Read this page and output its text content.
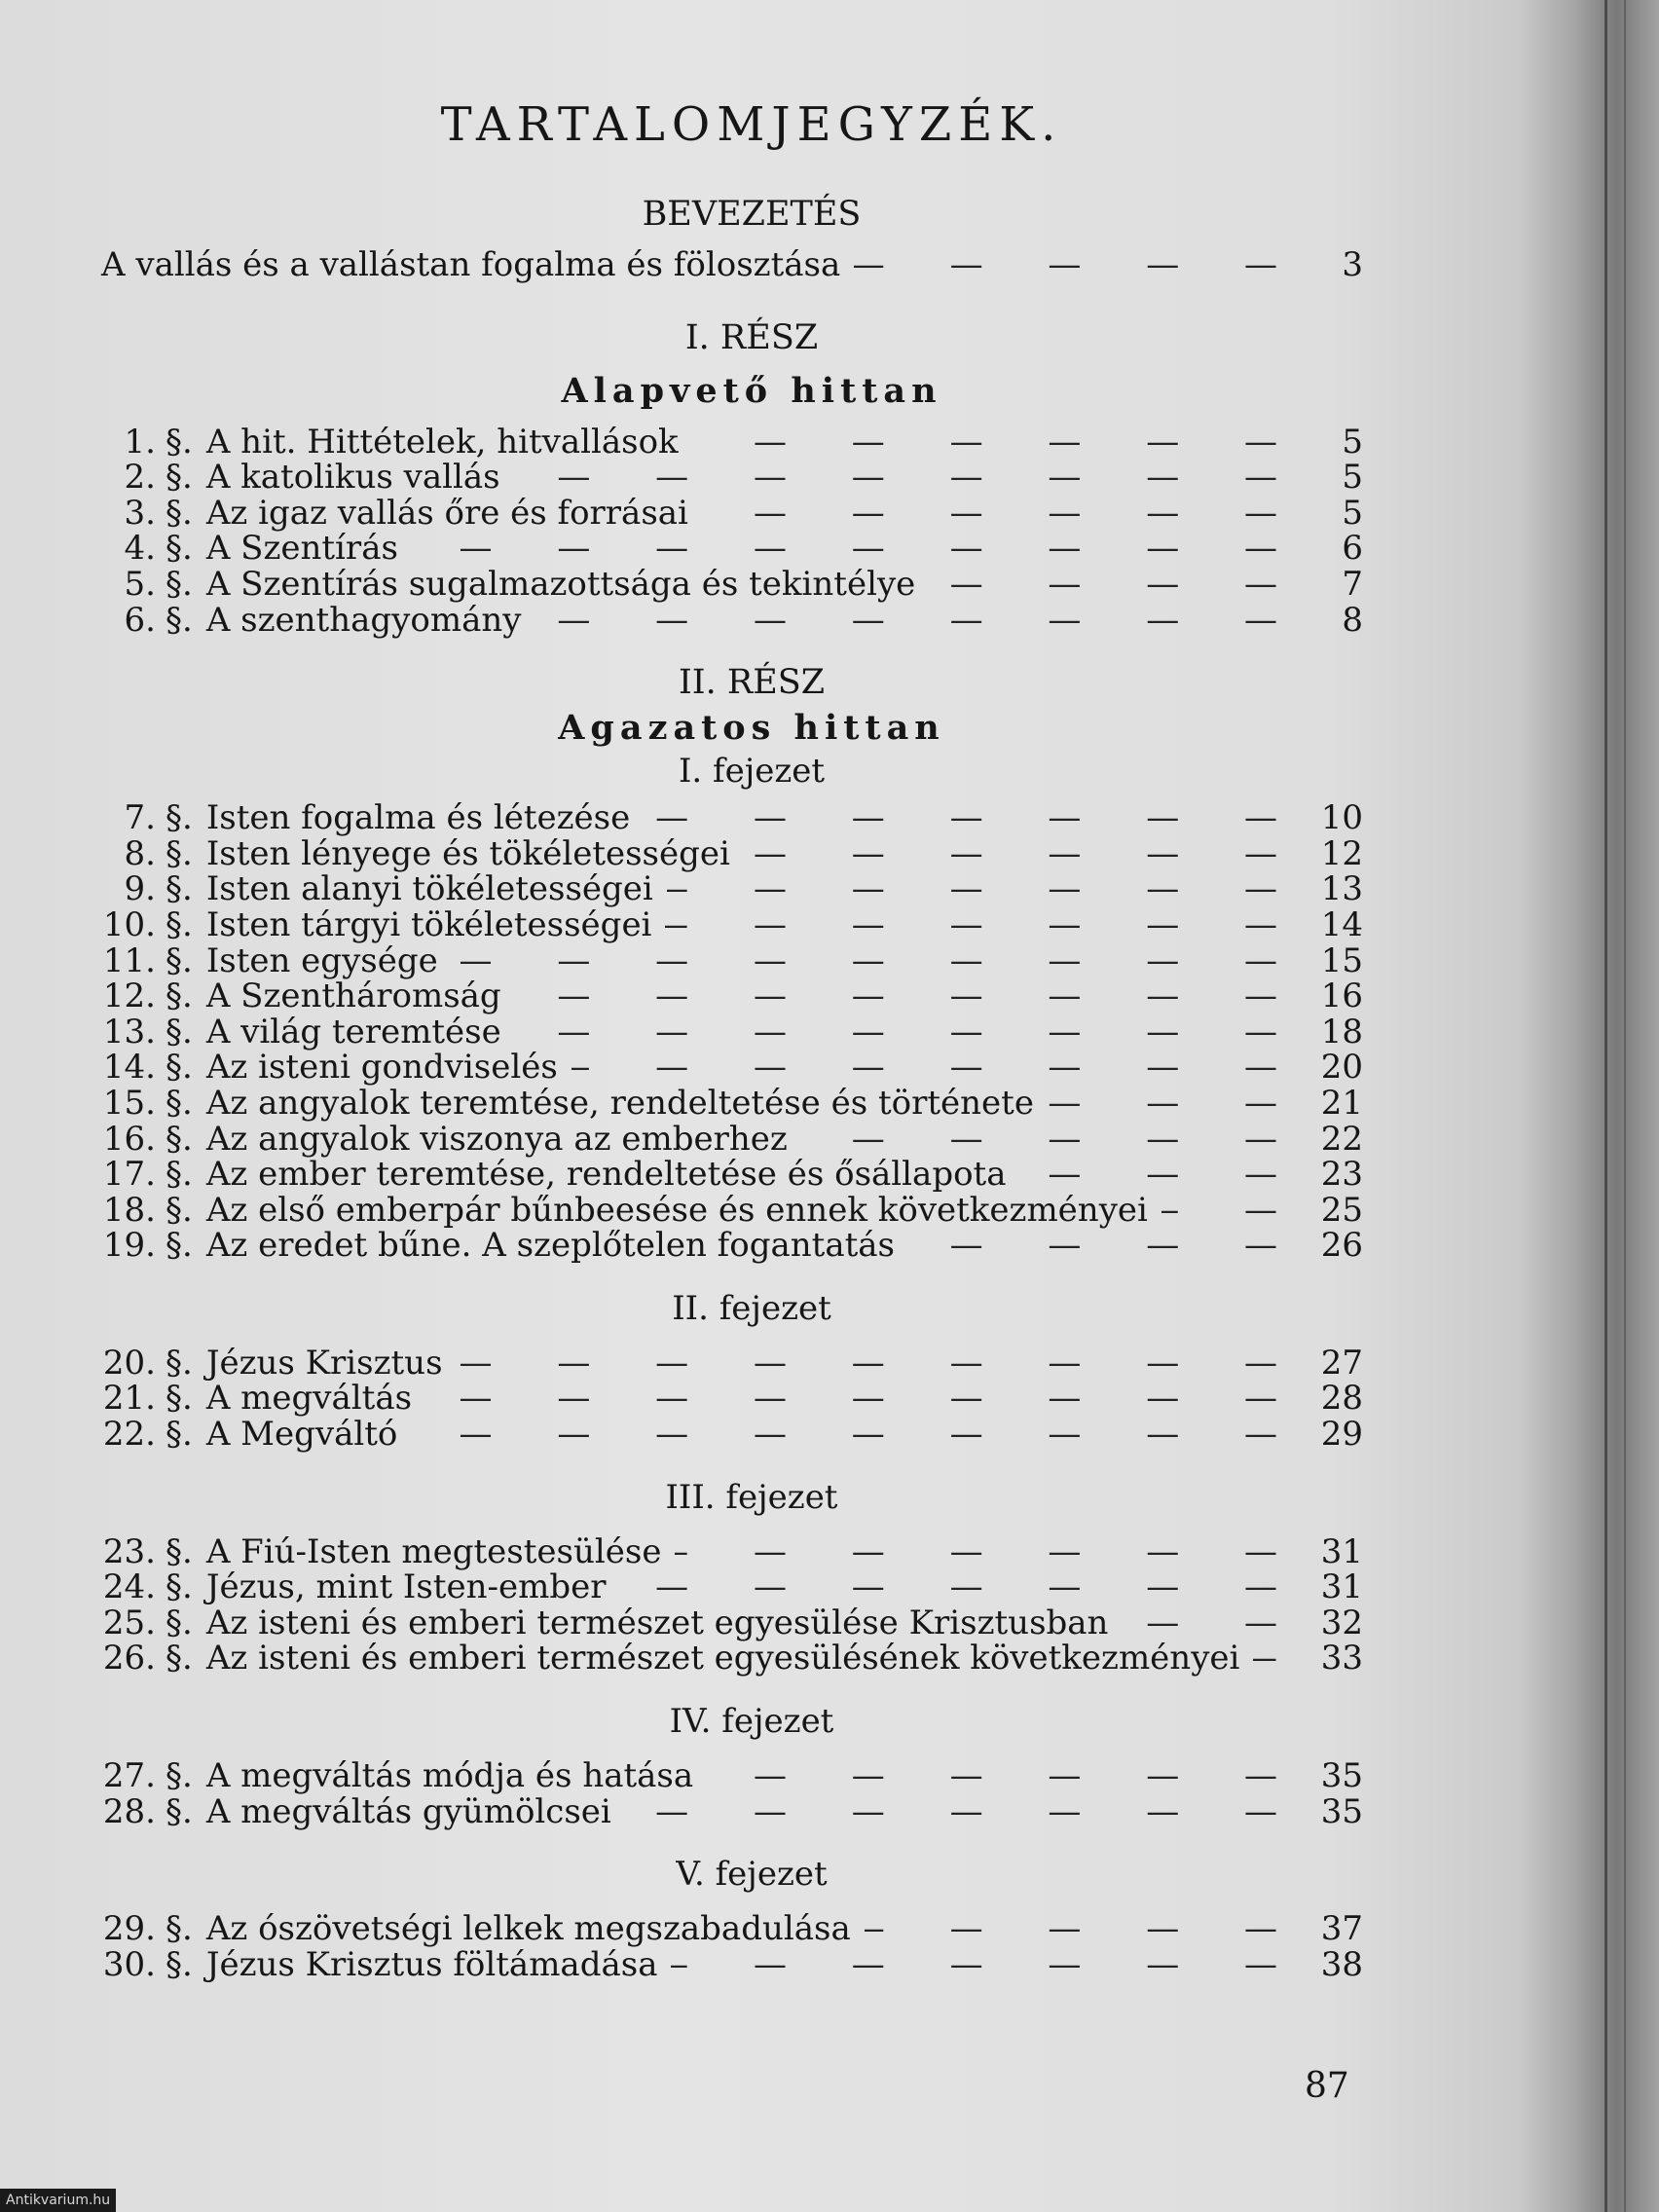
TARTALOMJEGYZÉK.
BEVEZETÉS
A vallás és a vallástan fogalma és fölosztása — — —	3
I. RÉSZ
Alapvető hittan
1. §. A hit. Hittételek, hitvallások — — —	5
2. §. A katolikus vallás — — —	5
3. §. Az igaz vallás őre és forrásai — — —	5
4. §. A Szentírás — — —	6
5. §. A Szentírás sugalmazottsága és tekintélye — — —	7
6. §. A szenthagyomány — — —	8
II. RÉSZ
Agazatos hittan
I. fejezet
7. §. Isten fogalma és létezése — — —	10
8. §. Isten lényege és tökéletességei — — —	12
9. §. Isten alanyi tökéletességei — — —	13
10. §. Isten tárgyi tökéletességei — — —	14
11. §. Isten egysége — — —	15
12. §. A Szentháromság — — —	16
13. §. A világ teremtése — — —	18
14. §. Az isteni gondviselés — — —	20
15. §. Az angyalok teremtése, rendeltetése és története — — —	21
16. §. Az angyalok viszonya az emberhez — — —	22
17. §. Az ember teremtése, rendeltetése és ősállapota — — —	23
18. §. Az első emberpár bűnbeesése és ennek következményei — — —	25
19. §. Az eredet bűne. A szeplőtelen fogantatás — — —	26
II. fejezet
20. §. Jézus Krisztus — — —	27
21. §. A megváltás — — —	28
22. §. A Megváltó — — —	29
III. fejezet
23. §. A Fiú-Isten megtestesülése — — —	31
24. §. Jézus, mint Isten-ember — — —	31
25. §. Az isteni és emberi természet egyesülése Krisztusban — — —	32
26. §. Az isteni és emberi természet egyesülésének következményei — — —	33
IV. fejezet
27. §. A megváltás módja és hatása — — —	35
28. §. A megváltás gyümölcsei — — —	35
V. fejezet
29. §. Az ószövetségi lelkek megszabadulása — — —	37
30. §. Jézus Krisztus föltámadása — — —	38
87
Antikvarium.hu
